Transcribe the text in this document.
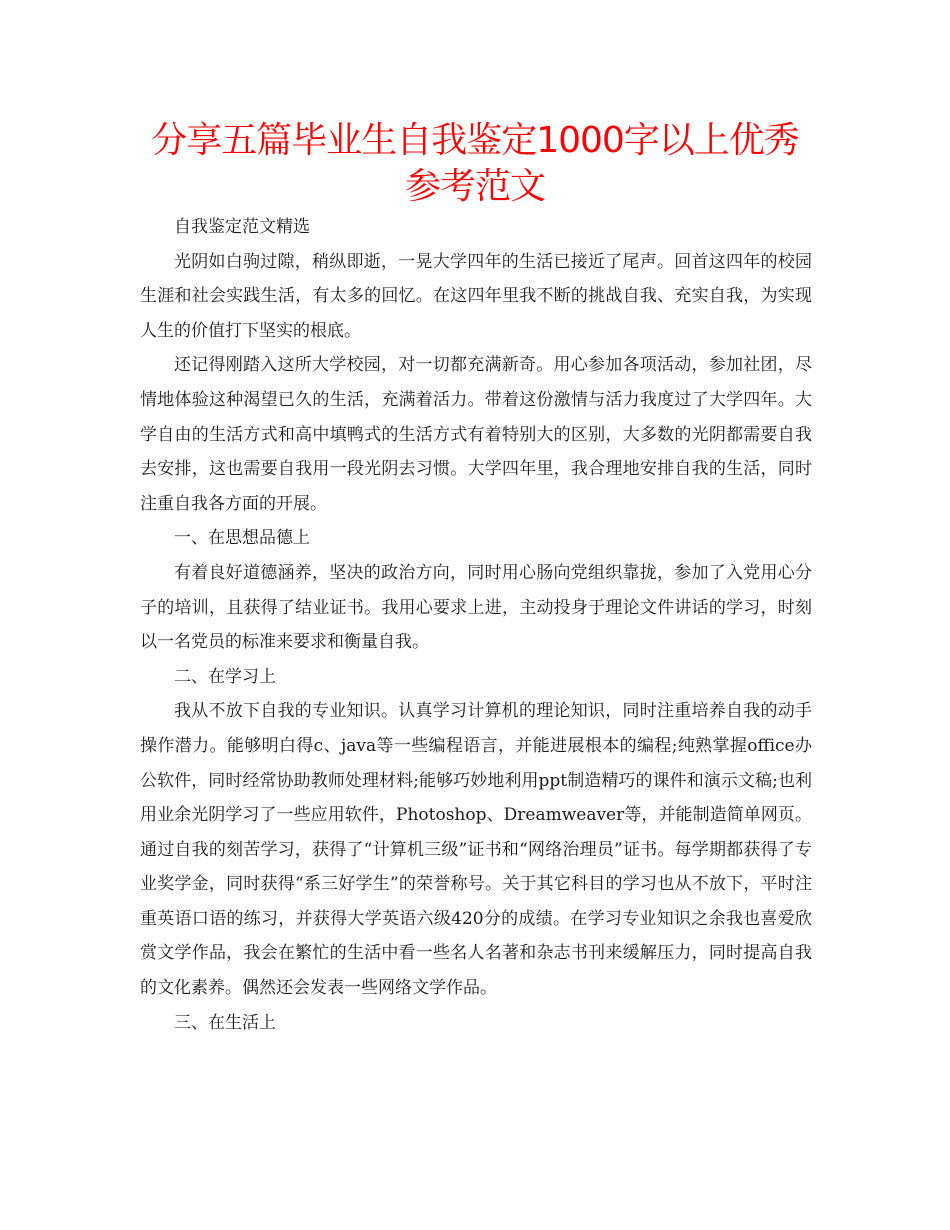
分享五篇毕业生自我鉴定1000字以上优秀
参考范文

自我鉴定范文精选

光阴如白驹过隙，稍纵即逝，一晃大学四年的生活已接近了尾声。回首这四年的校园生涯和社会实践生活，有太多的回忆。在这四年里我不断的挑战自我、充实自我，为实现人生的价值打下坚实的根底。

还记得刚踏入这所大学校园，对一切都充满新奇。用心参加各项活动，参加社团，尽情地体验这种渴望已久的生活，充满着活力。带着这份激情与活力我度过了大学四年。大学自由的生活方式和高中填鸭式的生活方式有着特别大的区别，大多数的光阴都需要自我去安排，这也需要自我用一段光阴去习惯。大学四年里，我合理地安排自我的生活，同时注重自我各方面的开展。

一、在思想品德上

有着良好道德涵养，坚决的政治方向，同时用心肠向党组织靠拢，参加了入党用心分子的培训，且获得了结业证书。我用心要求上进，主动投身于理论文件讲话的学习，时刻以一名党员的标准来要求和衡量自我。

二、在学习上

我从不放下自我的专业知识。认真学习计算机的理论知识，同时注重培养自我的动手操作潜力。能够明白得c、java等一些编程语言，并能进展根本的编程;纯熟掌握office办公软件，同时经常协助教师处理材料;能够巧妙地利用ppt制造精巧的课件和演示文稿;也利用业余光阴学习了一些应用软件，Photoshop、Dreamweaver等，并能制造简单网页。通过自我的刻苦学习，获得了“计算机三级”证书和“网络治理员”证书。每学期都获得了专业奖学金，同时获得“系三好学生”的荣誉称号。关于其它科目的学习也从不放下，平时注重英语口语的练习，并获得大学英语六级420分的成绩。在学习专业知识之余我也喜爱欣赏文学作品，我会在繁忙的生活中看一些名人名著和杂志书刊来缓解压力，同时提高自我的文化素养。偶然还会发表一些网络文学作品。

三、在生活上
